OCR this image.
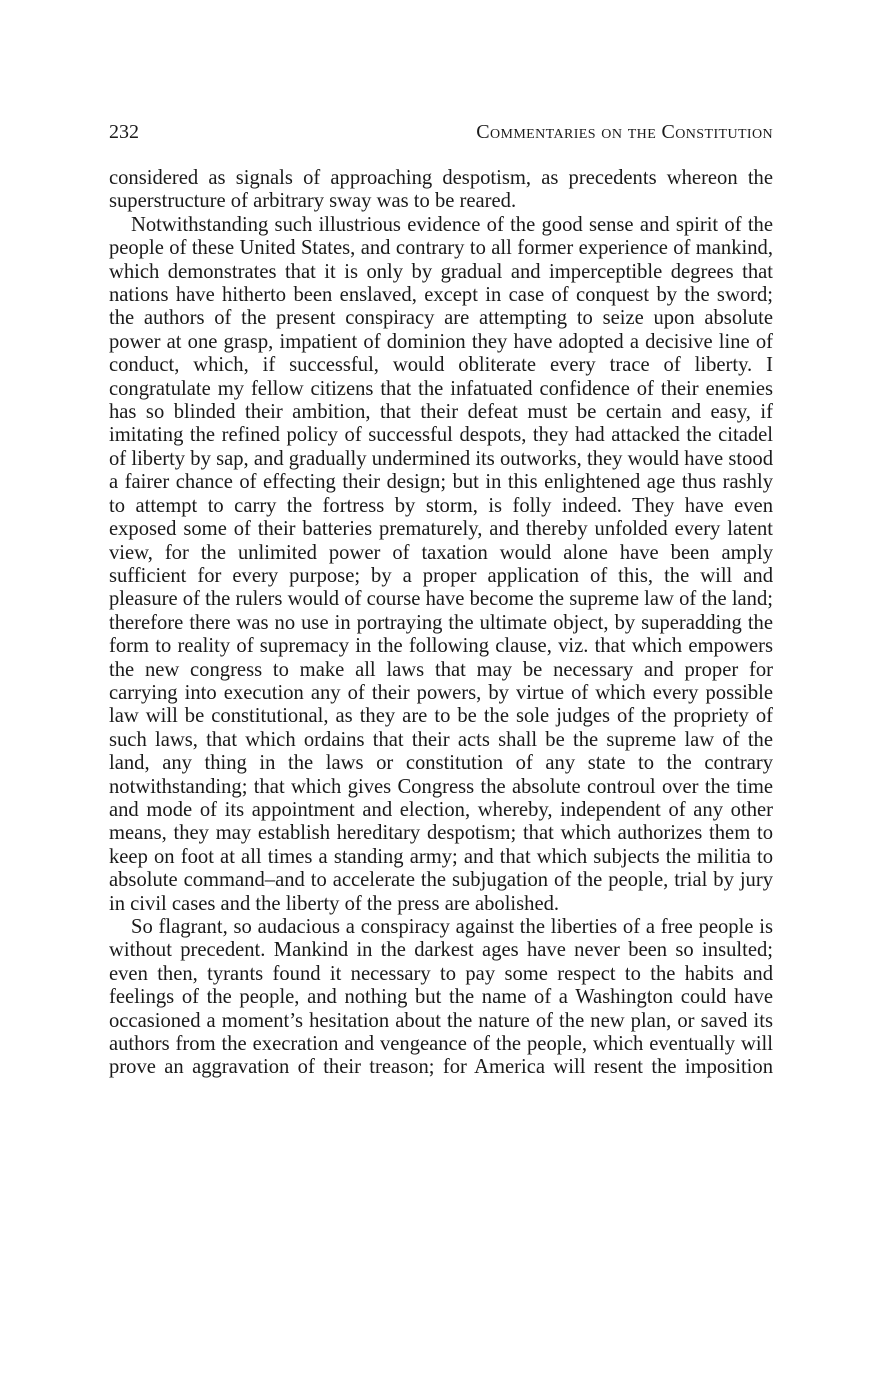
232	Commentaries on the Constitution

considered as signals of approaching despotism, as precedents whereon the superstructure of arbitrary sway was to be reared.

Notwithstanding such illustrious evidence of the good sense and spirit of the people of these United States, and contrary to all former experience of mankind, which demonstrates that it is only by gradual and imperceptible degrees that nations have hitherto been enslaved, except in case of conquest by the sword; the authors of the present conspiracy are attempting to seize upon absolute power at one grasp, impatient of dominion they have adopted a decisive line of conduct, which, if successful, would obliterate every trace of liberty. I congratulate my fellow citizens that the infatuated confidence of their enemies has so blinded their ambition, that their defeat must be certain and easy, if imitating the refined policy of successful despots, they had attacked the citadel of liberty by sap, and gradually undermined its outworks, they would have stood a fairer chance of effecting their design; but in this enlightened age thus rashly to attempt to carry the fortress by storm, is folly indeed. They have even exposed some of their batteries prematurely, and thereby unfolded every latent view, for the unlimited power of taxation would alone have been amply sufficient for every purpose; by a proper application of this, the will and pleasure of the rulers would of course have become the supreme law of the land; therefore there was no use in portraying the ultimate object, by superadding the form to reality of supremacy in the following clause, viz. that which empowers the new congress to make all laws that may be necessary and proper for carrying into execution any of their powers, by virtue of which every possible law will be constitutional, as they are to be the sole judges of the propriety of such laws, that which ordains that their acts shall be the supreme law of the land, any thing in the laws or constitution of any state to the contrary notwithstanding; that which gives Congress the absolute controul over the time and mode of its appointment and election, whereby, independent of any other means, they may establish hereditary despotism; that which authorizes them to keep on foot at all times a standing army; and that which subjects the militia to absolute command–and to accelerate the subjugation of the people, trial by jury in civil cases and the liberty of the press are abolished.

So flagrant, so audacious a conspiracy against the liberties of a free people is without precedent. Mankind in the darkest ages have never been so insulted; even then, tyrants found it necessary to pay some respect to the habits and feelings of the people, and nothing but the name of a Washington could have occasioned a moment’s hesitation about the nature of the new plan, or saved its authors from the execration and vengeance of the people, which eventually will prove an aggravation of their treason; for America will resent the imposition
